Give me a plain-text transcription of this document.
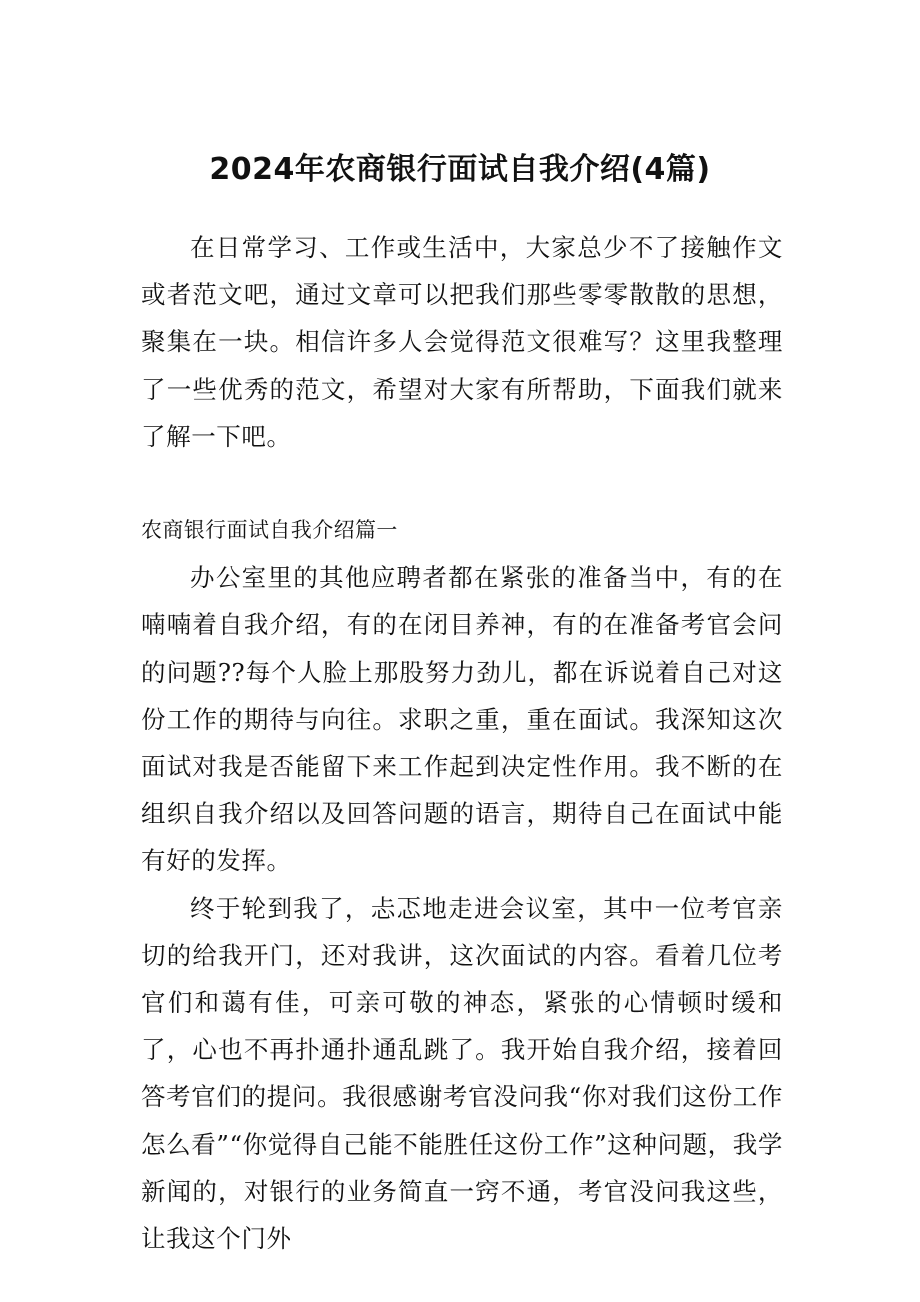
2024年农商银行面试自我介绍(4篇)

在日常学习、工作或生活中，大家总少不了接触作文或者范文吧，通过文章可以把我们那些零零散散的思想，聚集在一块。相信许多人会觉得范文很难写？这里我整理了一些优秀的范文，希望对大家有所帮助，下面我们就来了解一下吧。

农商银行面试自我介绍篇一

办公室里的其他应聘者都在紧张的准备当中，有的在喃喃着自我介绍，有的在闭目养神，有的在准备考官会问的问题??每个人脸上那股努力劲儿，都在诉说着自己对这份工作的期待与向往。求职之重，重在面试。我深知这次面试对我是否能留下来工作起到决定性作用。我不断的在组织自我介绍以及回答问题的语言，期待自己在面试中能有好的发挥。

终于轮到我了，忐忑地走进会议室，其中一位考官亲切的给我开门，还对我讲，这次面试的内容。看着几位考官们和蔼有佳，可亲可敬的神态，紧张的心情顿时缓和了，心也不再扑通扑通乱跳了。我开始自我介绍，接着回答考官们的提问。我很感谢考官没问我“你对我们这份工作怎么看”“你觉得自己能不能胜任这份工作”这种问题，我学新闻的，对银行的业务简直一窍不通，考官没问我这些，让我这个门外
